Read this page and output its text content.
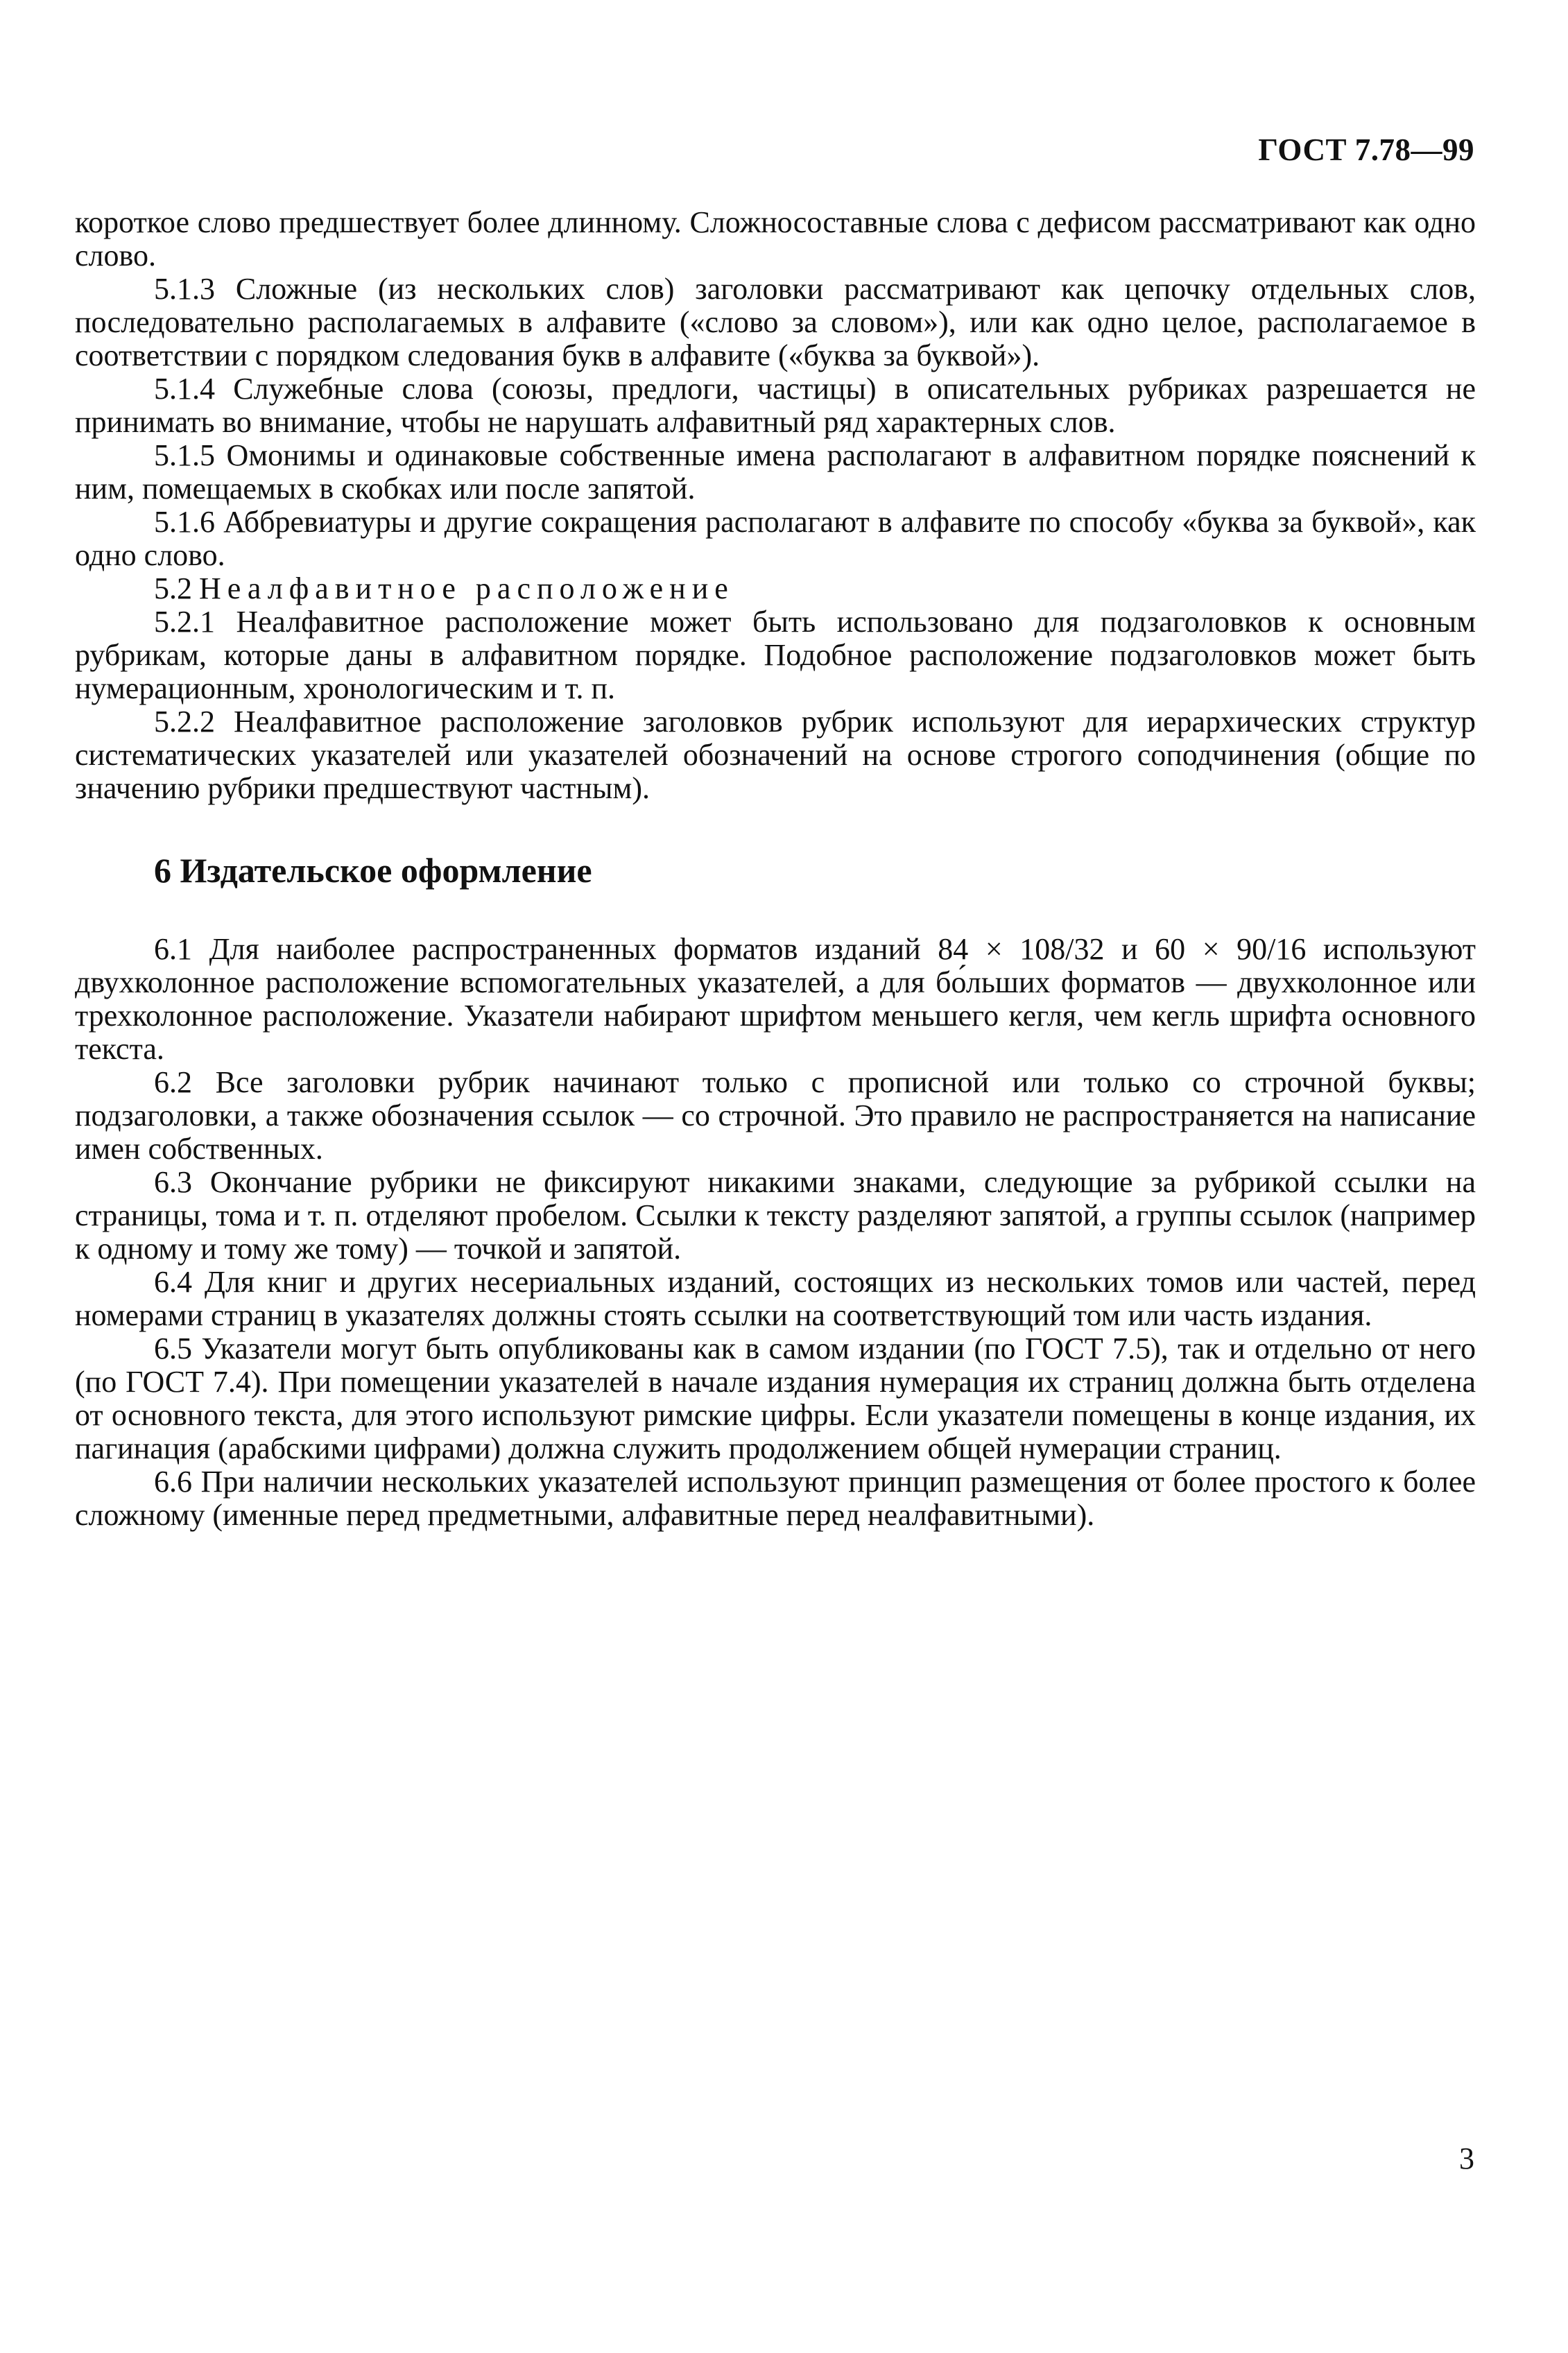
ГОСТ 7.78—99

короткое слово предшествует более длинному. Сложносоставные слова с дефисом рассматривают как одно слово.

5.1.3 Сложные (из нескольких слов) заголовки рассматривают как цепочку отдельных слов, последовательно располагаемых в алфавите («слово за словом»), или как одно целое, располагаемое в соответствии с порядком следования букв в алфавите («буква за буквой»).

5.1.4 Служебные слова (союзы, предлоги, частицы) в описательных рубриках разрешается не принимать во внимание, чтобы не нарушать алфавитный ряд характерных слов.

5.1.5 Омонимы и одинаковые собственные имена располагают в алфавитном порядке пояснений к ним, помещаемых в скобках или после запятой.

5.1.6 Аббревиатуры и другие сокращения располагают в алфавите по способу «буква за буквой», как одно слово.

5.2 Неалфавитное расположение

5.2.1 Неалфавитное расположение может быть использовано для подзаголовков к основным рубрикам, которые даны в алфавитном порядке. Подобное расположение подзаголовков может быть нумерационным, хронологическим и т. п.

5.2.2 Неалфавитное расположение заголовков рубрик используют для иерархических структур систематических указателей или указателей обозначений на основе строгого соподчинения (общие по значению рубрики предшествуют частным).

6 Издательское оформление

6.1 Для наиболее распространенных форматов изданий 84 × 108/32 и 60 × 90/16 используют двухколонное расположение вспомогательных указателей, а для бо́льших форматов — двухколонное или трехколонное расположение. Указатели набирают шрифтом меньшего кегля, чем кегль шрифта основного текста.

6.2 Все заголовки рубрик начинают только с прописной или только со строчной буквы; подзаголовки, а также обозначения ссылок — со строчной. Это правило не распространяется на написание имен собственных.

6.3 Окончание рубрики не фиксируют никакими знаками, следующие за рубрикой ссылки на страницы, тома и т. п. отделяют пробелом. Ссылки к тексту разделяют запятой, а группы ссылок (например к одному и тому же тому) — точкой и запятой.

6.4 Для книг и других несериальных изданий, состоящих из нескольких томов или частей, перед номерами страниц в указателях должны стоять ссылки на соответствующий том или часть издания.

6.5 Указатели могут быть опубликованы как в самом издании (по ГОСТ 7.5), так и отдельно от него (по ГОСТ 7.4). При помещении указателей в начале издания нумерация их страниц должна быть отделена от основного текста, для этого используют римские цифры. Если указатели помещены в конце издания, их пагинация (арабскими цифрами) должна служить продолжением общей нумерации страниц.

6.6 При наличии нескольких указателей используют принцип размещения от более простого к более сложному (именные перед предметными, алфавитные перед неалфавитными).

3
